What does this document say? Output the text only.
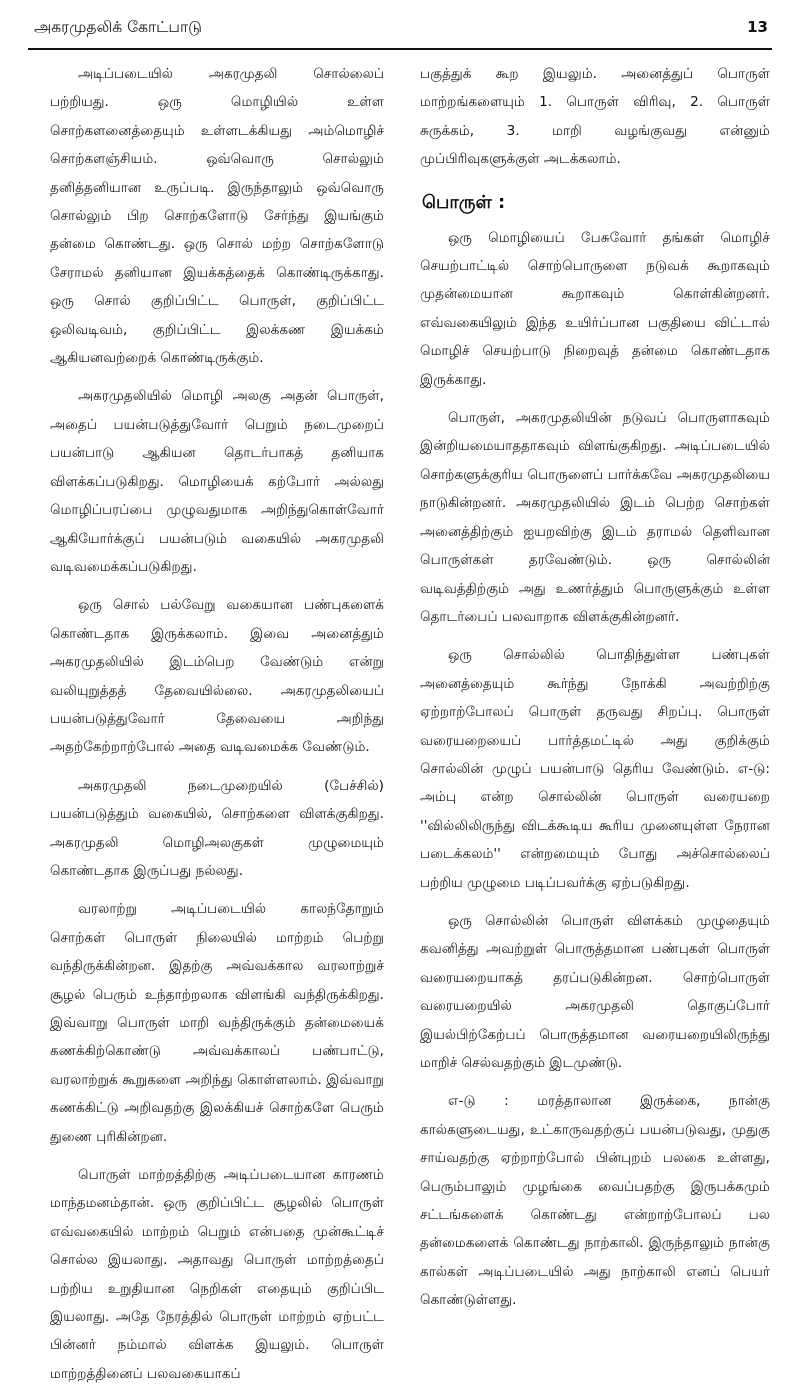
அகரமுதலிக் கோட்பாடு	13

அடிப்படையில் அகரமுதலி சொல்லைப் பற்றியது. ஒரு மொழியில் உள்ள சொற்களனைத்தையும் உள்ளடக்கியது அம்மொழிச் சொற்களஞ்சியம். ஒவ்வொரு சொல்லும் தனித்தனியான உருப்படி. இருந்தாலும் ஒவ்வொரு சொல்லும் பிற சொற்களோடு சேர்ந்து இயங்கும் தன்மை கொண்டது. ஒரு சொல் மற்ற சொற்களோடு சேராமல் தனியான இயக்கத்தைக் கொண்டிருக்காது. ஒரு சொல் குறிப்பிட்ட பொருள், குறிப்பிட்ட ஒலிவடிவம், குறிப்பிட்ட இலக்கண இயக்கம் ஆகியனவற்றைக் கொண்டிருக்கும்.

அகரமுதலியில் மொழி அலகு அதன் பொருள், அதைப் பயன்படுத்துவோர் பெறும் நடைமுறைப் பயன்பாடு ஆகியன தொடர்பாகத் தனியாக விளக்கப்படுகிறது. மொழியைக் கற்போர் அல்லது மொழிப்பரப்பை முழுவதுமாக அறிந்துகொள்வோர் ஆகியோர்க்குப் பயன்படும் வகையில் அகரமுதலி வடிவமைக்கப்படுகிறது.

ஒரு சொல் பல்வேறு வகையான பண்புகளைக் கொண்டதாக இருக்கலாம். இவை அனைத்தும் அகரமுதலியில் இடம்பெற வேண்டும் என்று வலியுறுத்தத் தேவையில்லை. அகரமுதலியைப் பயன்படுத்துவோர் தேவையை அறிந்து அதற்கேற்றாற்போல் அதை வடிவமைக்க வேண்டும்.

அகரமுதலி நடைமுறையில் (பேச்சில்) பயன்படுத்தும் வகையில், சொற்களை விளக்குகிறது. அகரமுதலி மொழிஅலகுகள் முழுமையும் கொண்டதாக இருப்பது நல்லது.

வரலாற்று அடிப்படையில் காலந்தோறும் சொற்கள் பொருள் நிலையில் மாற்றம் பெற்று வந்திருக்கின்றன. இதற்கு அவ்வக்கால வரலாற்றுச் சூழல் பெரும் உந்தாற்றலாக விளங்கி வந்திருக்கிறது. இவ்வாறு பொருள் மாறி வந்திருக்கும் தன்மையைக் கணக்கிற்கொண்டு அவ்வக்காலப் பண்பாட்டு, வரலாற்றுக் கூறுகளை அறிந்து கொள்ளலாம். இவ்வாறு கணக்கிட்டு அறிவதற்கு இலக்கியச் சொற்களே பெரும் துணை புரிகின்றன.

பொருள் மாற்றத்திற்கு அடிப்படையான காரணம் மாந்தமனம்தான். ஒரு குறிப்பிட்ட சூழலில் பொருள் எவ்வகையில் மாற்றம் பெறும் என்பதை முன்கூட்டிச் சொல்ல இயலாது. அதாவது பொருள் மாற்றத்தைப் பற்றிய உறுதியான நெறிகள் எதையும் குறிப்பிட இயலாது. அதே நேரத்தில் பொருள் மாற்றம் ஏற்பட்ட பின்னர் நம்மால் விளக்க இயலும். பொருள் மாற்றத்தினைப் பலவகையாகப்

பகுத்துக் கூற இயலும். அனைத்துப் பொருள் மாற்றங்களையும் 1. பொருள் விரிவு, 2. பொருள் சுருக்கம், 3. மாறி வழங்குவது என்னும் முப்பிரிவுகளுக்குள் அடக்கலாம்.

பொருள் :

ஒரு மொழியைப் பேசுவோர் தங்கள் மொழிச் செயற்பாட்டில் சொற்பொருளை நடுவக் கூறாகவும் முதன்மையான கூறாகவும் கொள்கின்றனர். எவ்வகையிலும் இந்த உயிர்ப்பான பகுதியை விட்டால் மொழிச் செயற்பாடு நிறைவுத் தன்மை கொண்டதாக இருக்காது.

பொருள், அகரமுதலியின் நடுவப் பொருளாகவும் இன்றியமையாததாகவும் விளங்குகிறது. அடிப்படையில் சொற்களுக்குரிய பொருளைப் பார்க்கவே அகரமுதலியை நாடுகின்றனர். அகரமுதலியில் இடம் பெற்ற சொற்கள் அனைத்திற்கும் ஐயறவிற்கு இடம் தராமல் தெளிவான பொருள்கள் தரவேண்டும். ஒரு சொல்லின் வடிவத்திற்கும் அது உணர்த்தும் பொருளுக்கும் உள்ள தொடர்பைப் பலவாறாக விளக்குகின்றனர்.

ஒரு சொல்லில் பொதிந்துள்ள பண்புகள் அனைத்தையும் கூர்ந்து நோக்கி அவற்றிற்கு ஏற்றாற்போலப் பொருள் தருவது சிறப்பு. பொருள் வரையறையைப் பார்த்தமட்டில் அது குறிக்கும் சொல்லின் முழுப் பயன்பாடு தெரிய வேண்டும். எ-டு: அம்பு என்ற சொல்லின் பொருள் வரையறை ''வில்லிலிருந்து விடக்கூடிய கூரிய முனையுள்ள நேரான படைக்கலம்'' என்றமையும் போது அச்சொல்லைப் பற்றிய முழுமை படிப்பவர்க்கு ஏற்படுகிறது.

ஒரு சொல்லின் பொருள் விளக்கம் முழுதையும் கவனித்து அவற்றுள் பொருத்தமான பண்புகள் பொருள் வரையறையாகத் தரப்படுகின்றன. சொற்பொருள் வரையறையில் அகரமுதலி தொகுப்போர் இயல்பிற்கேற்பப் பொருத்தமான வரையறையிலிருந்து மாறிச் செல்வதற்கும் இடமுண்டு.

எ-டு : மரத்தாலான இருக்கை, நான்கு கால்களுடையது, உட்காருவதற்குப் பயன்படுவது, முதுகு சாய்வதற்கு ஏற்றாற்போல் பின்புறம் பலகை உள்ளது, பெரும்பாலும் முழங்கை வைப்பதற்கு இருபக்கமும் சட்டங்களைக் கொண்டது என்றாற்போலப் பல தன்மைகளைக் கொண்டது நாற்காலி. இருந்தாலும் நான்கு கால்கள் அடிப்படையில் அது நாற்காலி எனப் பெயர் கொண்டுள்ளது.
